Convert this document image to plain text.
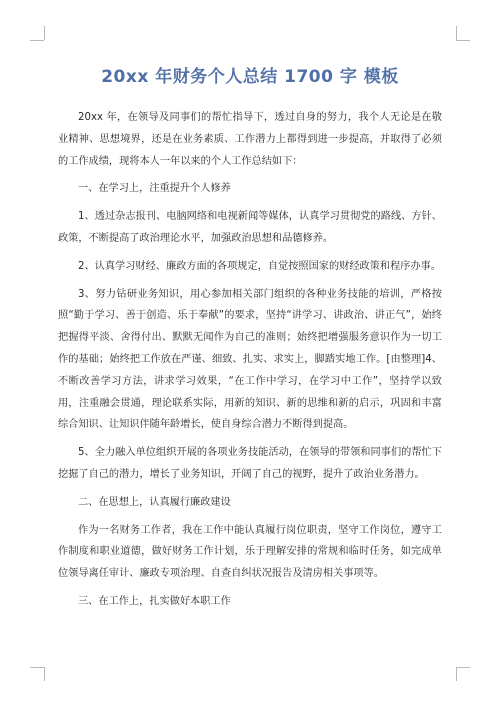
20xx 年财务个人总结 1700 字 模板

20xx 年，在领导及同事们的帮忙指导下，透过自身的努力，我个人无论是在敬业精神、思想境界，还是在业务素质、工作潜力上都得到进一步提高，并取得了必须的工作成绩，现将本人一年以来的个人工作总结如下：

一、在学习上，注重提升个人修养

1、透过杂志报刊、电脑网络和电视新闻等媒体，认真学习贯彻党的路线、方针、政策，不断提高了政治理论水平，加强政治思想和品德修养。

2、认真学习财经、廉政方面的各项规定，自觉按照国家的财经政策和程序办事。

3、努力钻研业务知识，用心参加相关部门组织的各种业务技能的培训，严格按照“勤于学习、善于创造、乐于奉献”的要求，坚持“讲学习、讲政治、讲正气”，始终把握得平淡、舍得付出、默默无闻作为自己的准则；始终把增强服务意识作为一切工作的基础；始终把工作放在严谨、细致、扎实、求实上，脚踏实地工作。[由整理]4、不断改善学习方法，讲求学习效果，“在工作中学习，在学习中工作”，坚持学以致用，注重融会贯通，理论联系实际，用新的知识、新的思维和新的启示，巩固和丰富综合知识、让知识伴随年龄增长，使自身综合潜力不断得到提高。

5、全力融入单位组织开展的各项业务技能活动，在领导的带领和同事们的帮忙下挖掘了自己的潜力，增长了业务知识，开阔了自己的视野，提升了政治业务潜力。

二、在思想上，认真履行廉政建设

作为一名财务工作者，我在工作中能认真履行岗位职责，坚守工作岗位，遵守工作制度和职业道德，做好财务工作计划，乐于理解安排的常规和临时任务，如完成单位领导离任审计、廉政专项治理、自查自纠状况报告及清房相关事项等。

三、在工作上，扎实做好本职工作
